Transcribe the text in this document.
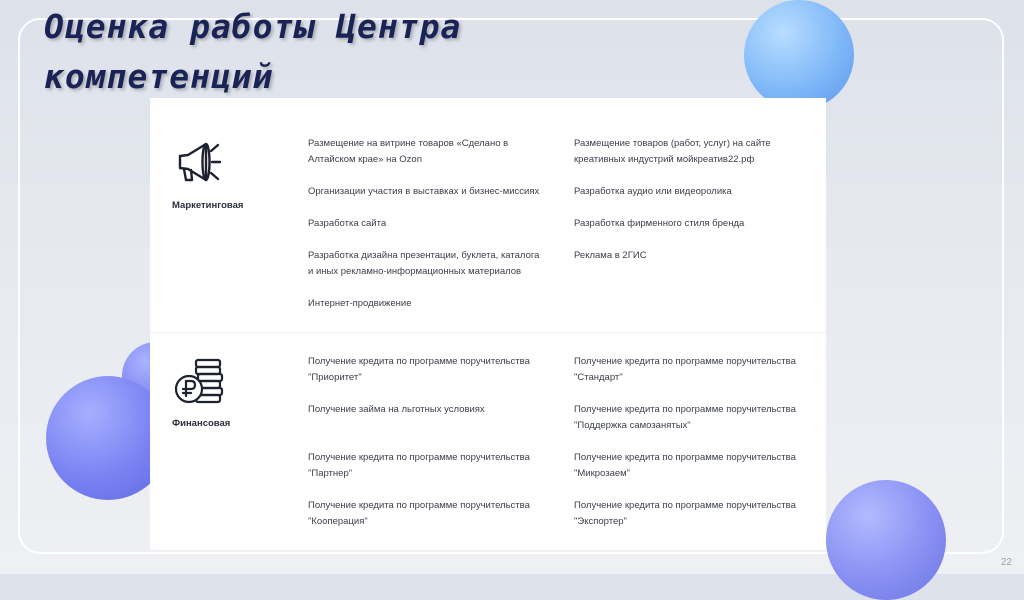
Оценка работы Центра
компетенций
Маркетинговая
Размещение на витрине товаров «Сделано в
Алтайском крае» на Ozon
Организации участия в выставках и бизнес-миссиях
Разработка сайта
Разработка дизайна презентации, буклета, каталога
и иных рекламно-информационных материалов
Интернет-продвижение
Размещение товаров (работ, услуг) на сайте
креативных индустрий мойкреатив22.рф
Разработка аудио или видеоролика
Разработка фирменного стиля бренда
Реклама в 2ГИС
Финансовая
Получение кредита по программе поручительства
"Приоритет"
Получение займа на льготных условиях
Получение кредита по программе поручительства
"Партнер"
Получение кредита по программе поручительства
"Кооперация"
Получение кредита по программе поручительства
"Стандарт"
Получение кредита по программе поручительства
"Поддержка самозанятых"
Получение кредита по программе поручительства
"Микрозаем"
Получение кредита по программе поручительства
"Экспортер"
22
